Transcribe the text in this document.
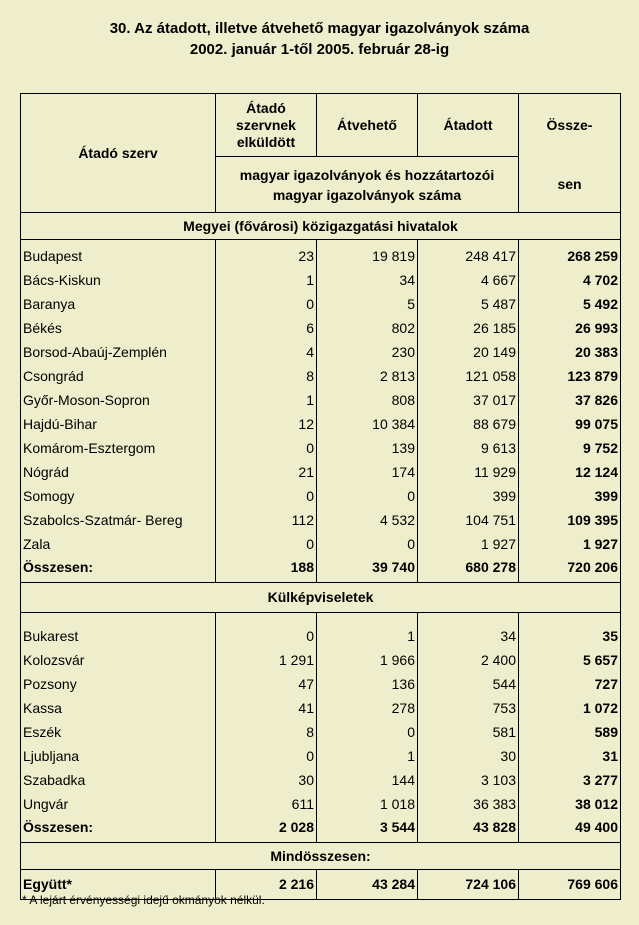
30. Az átadott, illetve átvehető magyar igazolványok száma
2002. január 1-től 2005. február 28-ig
Átadó szerv	Átadó szervnek elküldött	Átvehető	Átadott	Össze-
	magyar igazolványok és hozzátartozói magyar igazolványok száma			sen
Megyei (fővárosi) közigazgatási hivatalok				
Budapest	23	19 819	248 417	268 259
Bács-Kiskun	1	34	4 667	4 702
Baranya	0	5	5 487	5 492
Békés	6	802	26 185	26 993
Borsod-Abaúj-Zemplén	4	230	20 149	20 383
Csongrád	8	2 813	121 058	123 879
Győr-Moson-Sopron	1	808	37 017	37 826
Hajdú-Bihar	12	10 384	88 679	99 075
Komárom-Esztergom	0	139	9 613	9 752
Nógrád	21	174	11 929	12 124
Somogy	0	0	399	399
Szabolcs-Szatmár- Bereg	112	4 532	104 751	109 395
Zala	0	0	1 927	1 927
Összesen:	188	39 740	680 278	720 206
Külképviseletek				
Bukarest	0	1	34	35
Kolozsvár	1 291	1 966	2 400	5 657
Pozsony	47	136	544	727
Kassa	41	278	753	1 072
Eszék	8	0	581	589
Ljubljana	0	1	30	31
Szabadka	30	144	3 103	3 277
Ungvár	611	1 018	36 383	38 012
Összesen:	2 028	3 544	43 828	49 400
Mindösszesen:				
Együtt*	2 216	43 284	724 106	769 606
* A lejárt érvényességi idejű okmányok nélkül.
